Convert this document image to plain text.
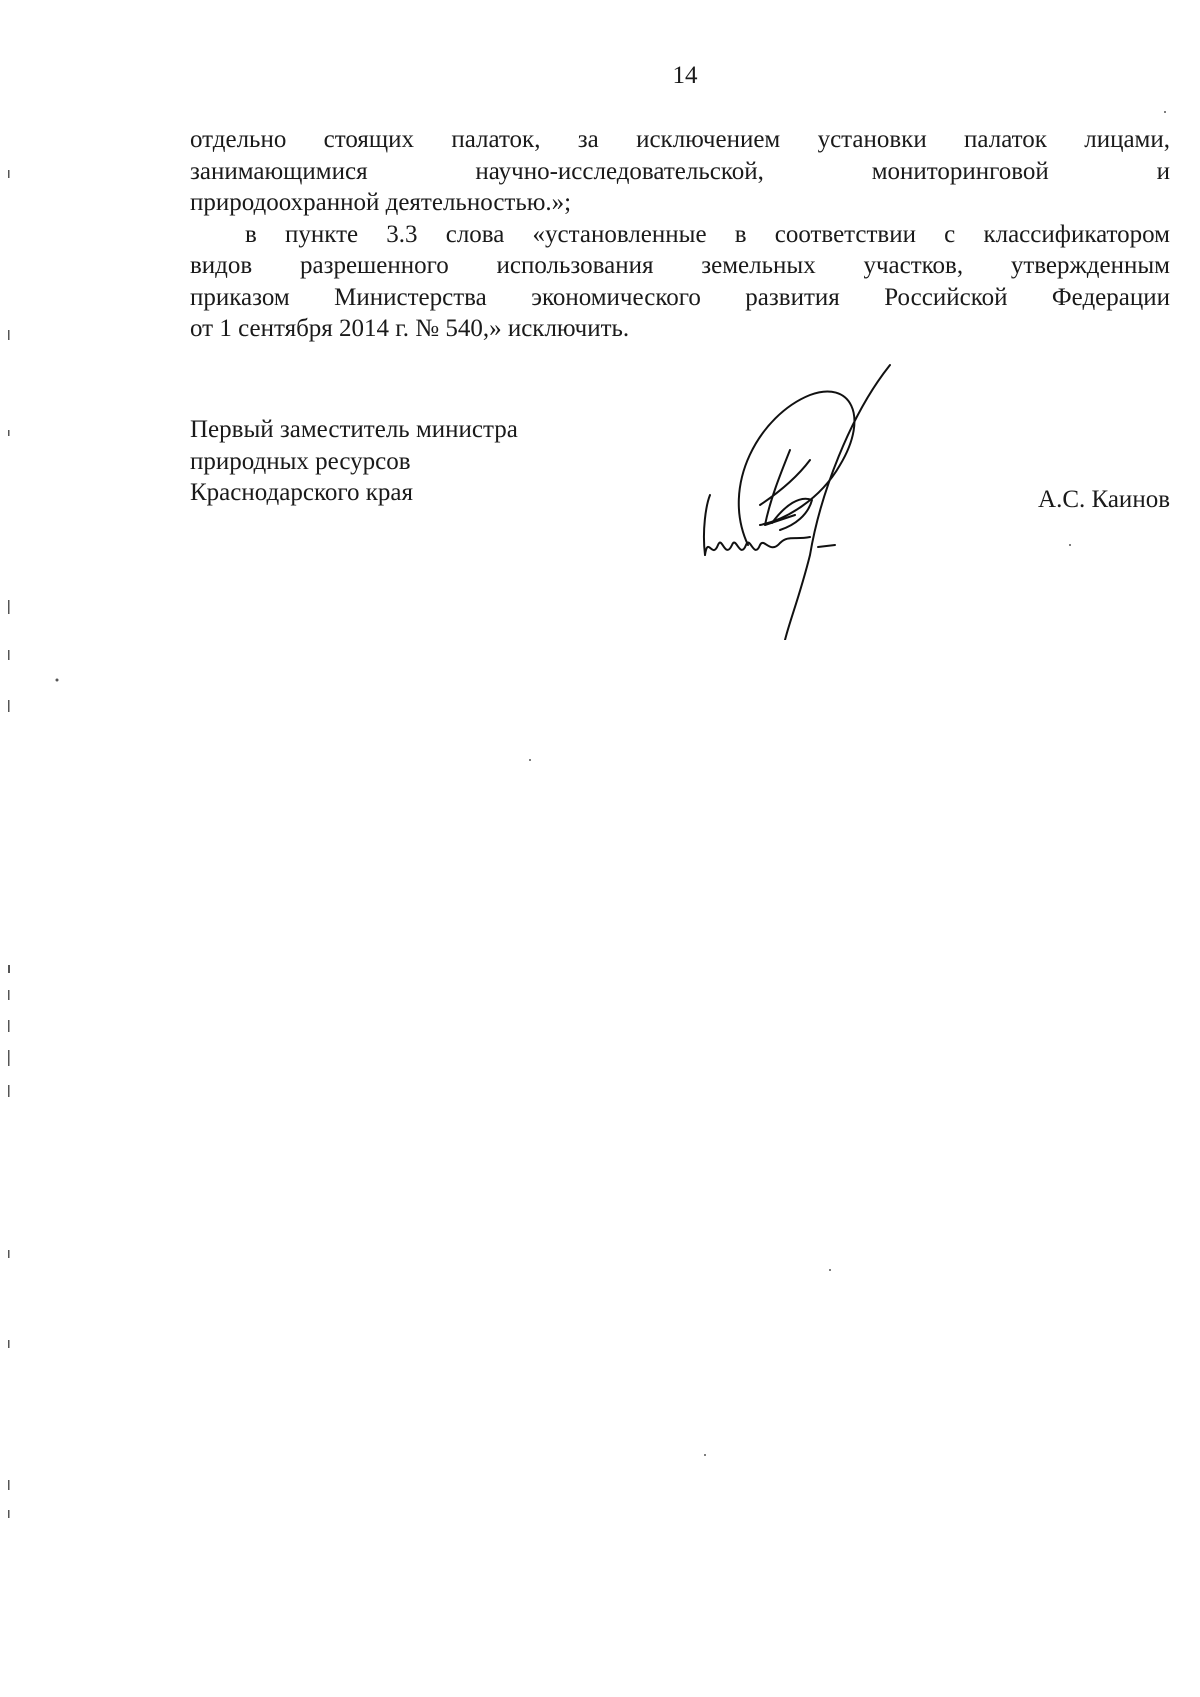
14

отдельно стоящих палаток, за исключением установки палаток лицами,
занимающимися научно-исследовательской, мониторинговой и
природоохранной деятельностью.»;

в пункте 3.3 слова «установленные в соответствии с классификатором
видов разрешенного использования земельных участков, утвержденным
приказом Министерства экономического развития Российской Федерации
от 1 сентября 2014 г. № 540,» исключить.

Первый заместитель министра
природных ресурсов
Краснодарского края	А.С. Каинов
